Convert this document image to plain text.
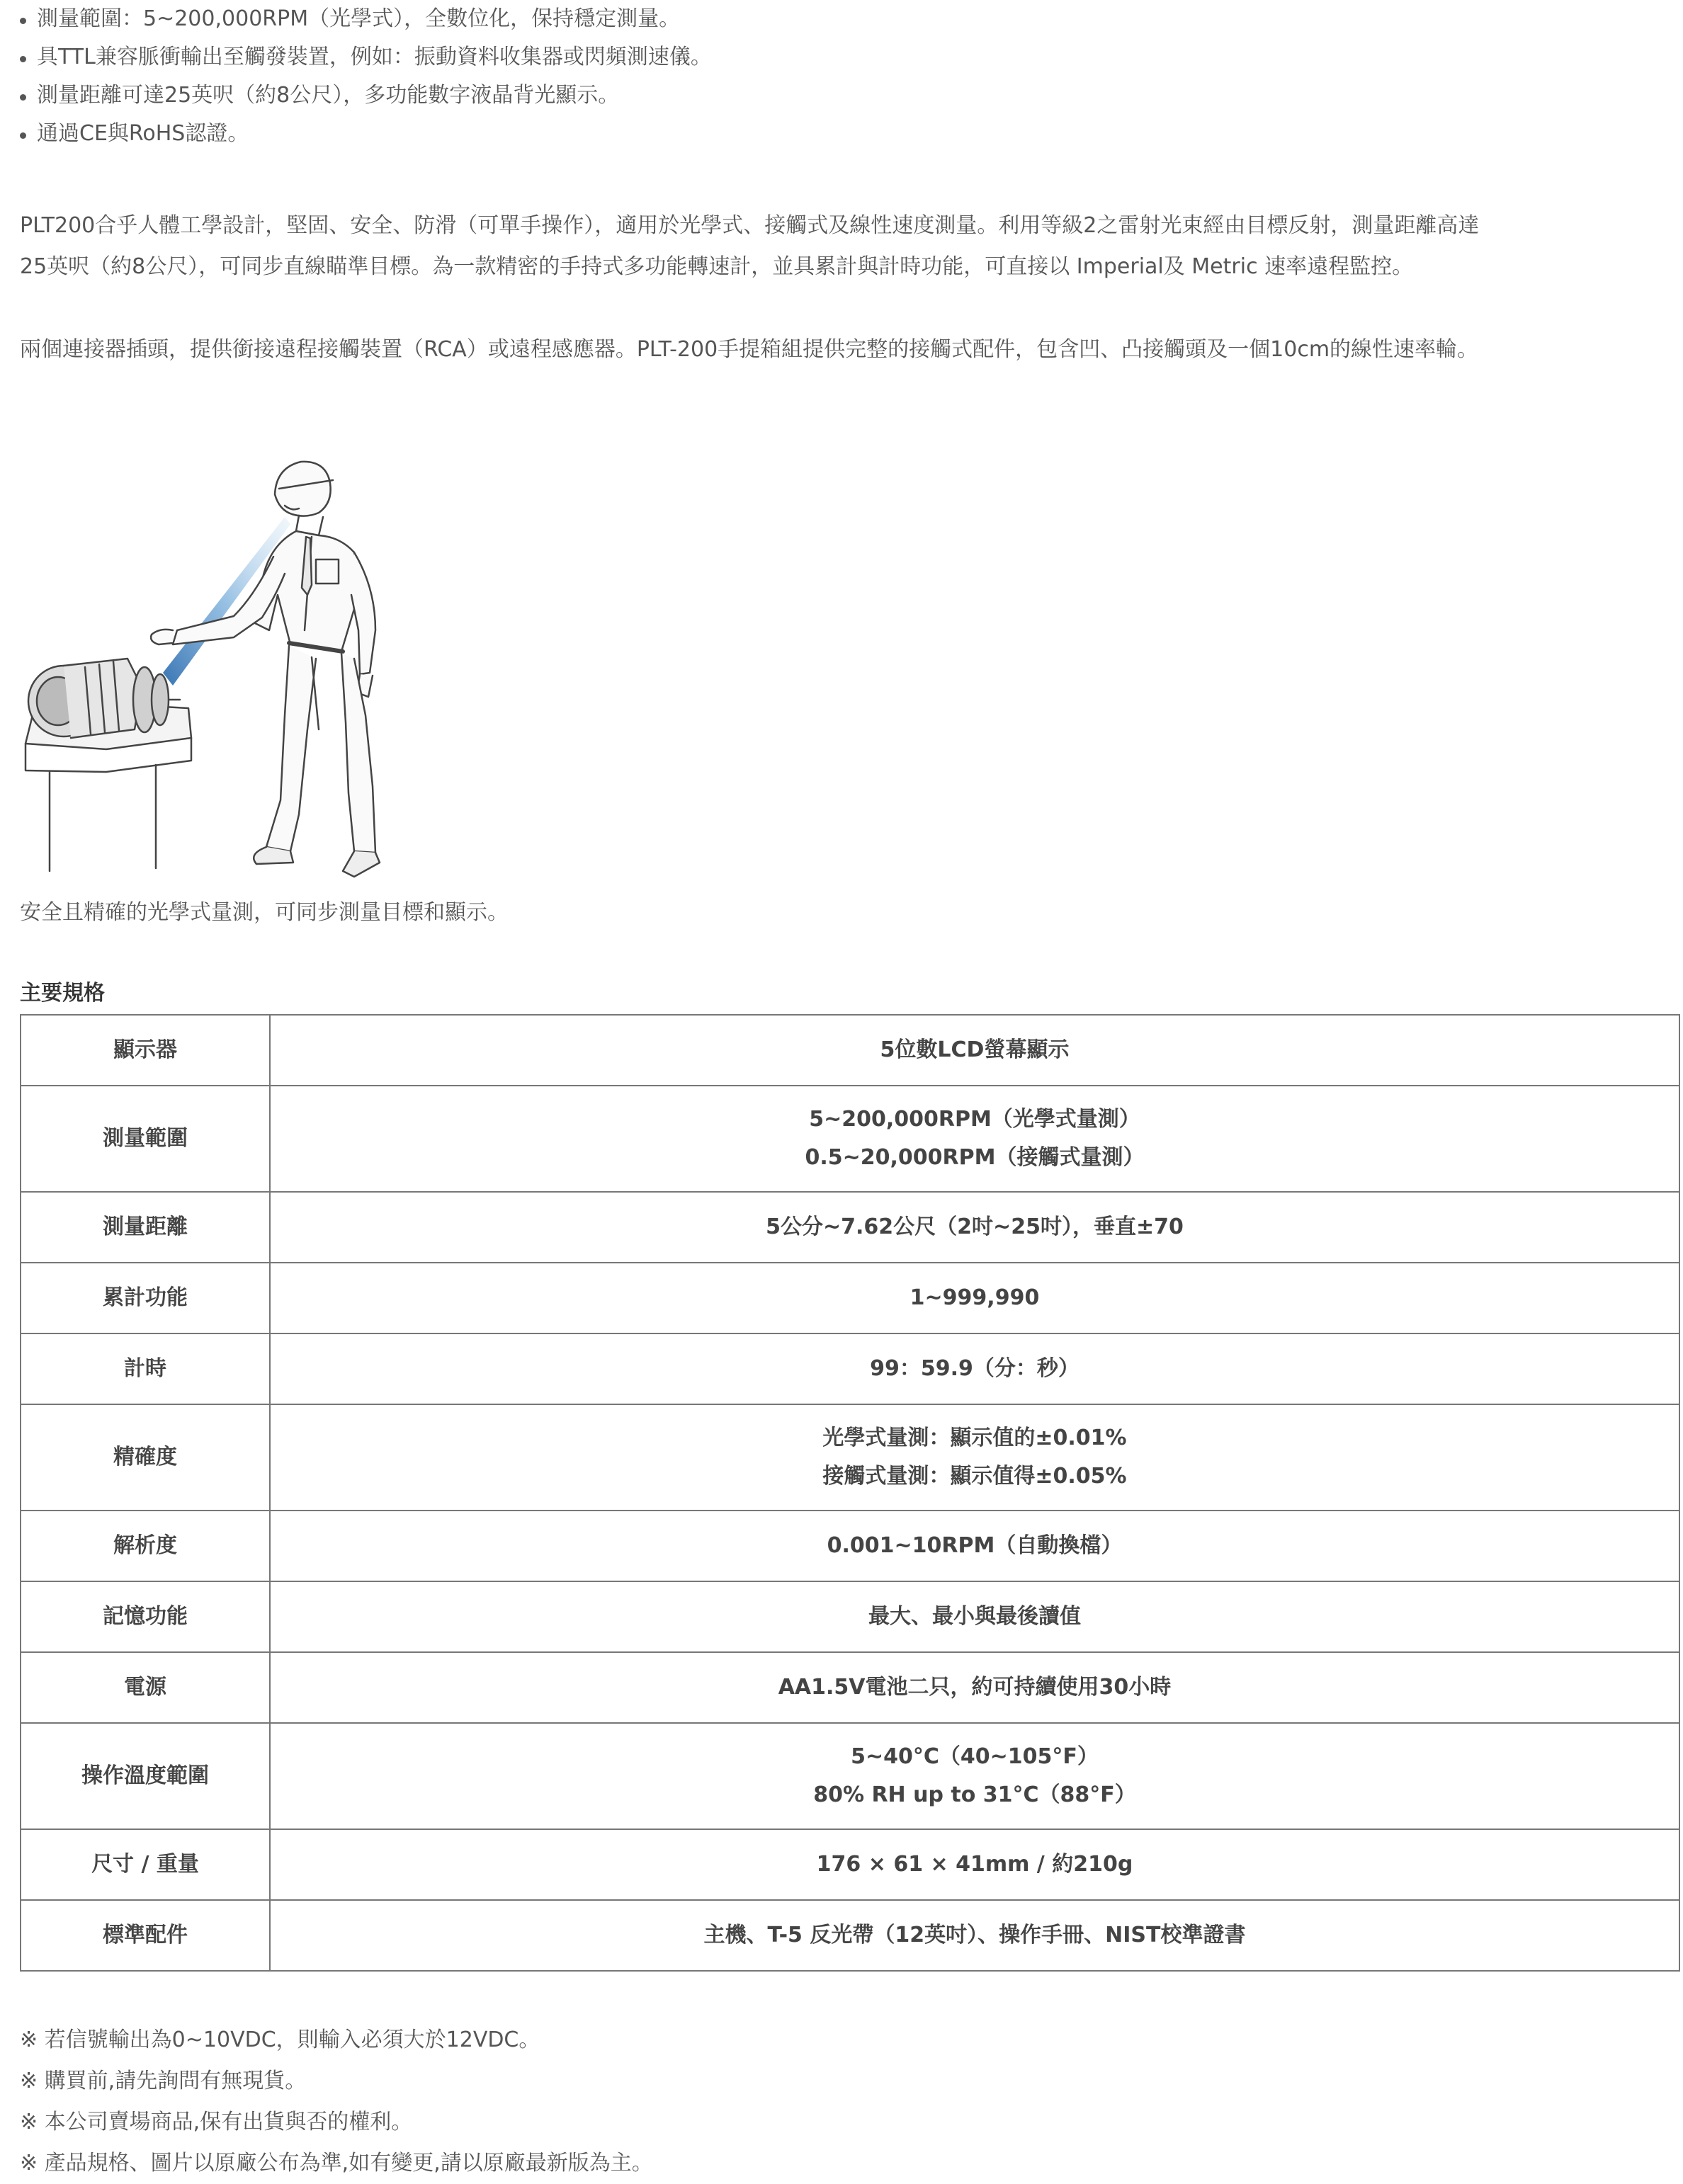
測量範圍：5~200,000RPM（光學式），全數位化，保持穩定測量。
具TTL兼容脈衝輸出至觸發裝置，例如：振動資料收集器或閃頻測速儀。
測量距離可達25英呎（約8公尺），多功能數字液晶背光顯示。
通過CE與RoHS認證。

PLT200合乎人體工學設計，堅固、安全、防滑（可單手操作），適用於光學式、接觸式及線性速度測量。利用等級2之雷射光束經由目標反射，測量距離高達
25英呎（約8公尺），可同步直線瞄準目標。為一款精密的手持式多功能轉速計，並具累計與計時功能，可直接以 Imperial及 Metric 速率遠程監控。

兩個連接器插頭，提供銜接遠程接觸裝置（RCA）或遠程感應器。PLT-200手提箱組提供完整的接觸式配件，包含凹、凸接觸頭及一個10cm的線性速率輪。

安全且精確的光學式量測，可同步測量目標和顯示。

主要規格

顯示器	5位數LCD螢幕顯示

測量範圍	5~200,000RPM（光學式量測）
0.5~20,000RPM（接觸式量測）

測量距離	5公分~7.62公尺（2吋~25吋），垂直±70

累計功能	1~999,990

計時	99：59.9（分：秒）

精確度	光學式量測：顯示值的±0.01%
接觸式量測：顯示值得±0.05%

解析度	0.001~10RPM（自動換檔）

記憶功能	最大、最小與最後讀值

電源	AA1.5V電池二只，約可持續使用30小時

操作溫度範圍	5~40°C（40~105°F）
80% RH up to 31°C（88°F）

尺寸 / 重量	176 × 61 × 41mm / 約210g

標準配件	主機、T-5 反光帶（12英吋）、操作手冊、NIST校準證書
※ 若信號輸出為0~10VDC，則輸入必須大於12VDC。
※ 購買前,請先詢問有無現貨。
※ 本公司賣場商品,保有出貨與否的權利。
※ 產品規格、圖片以原廠公布為準,如有變更,請以原廠最新版為主。
